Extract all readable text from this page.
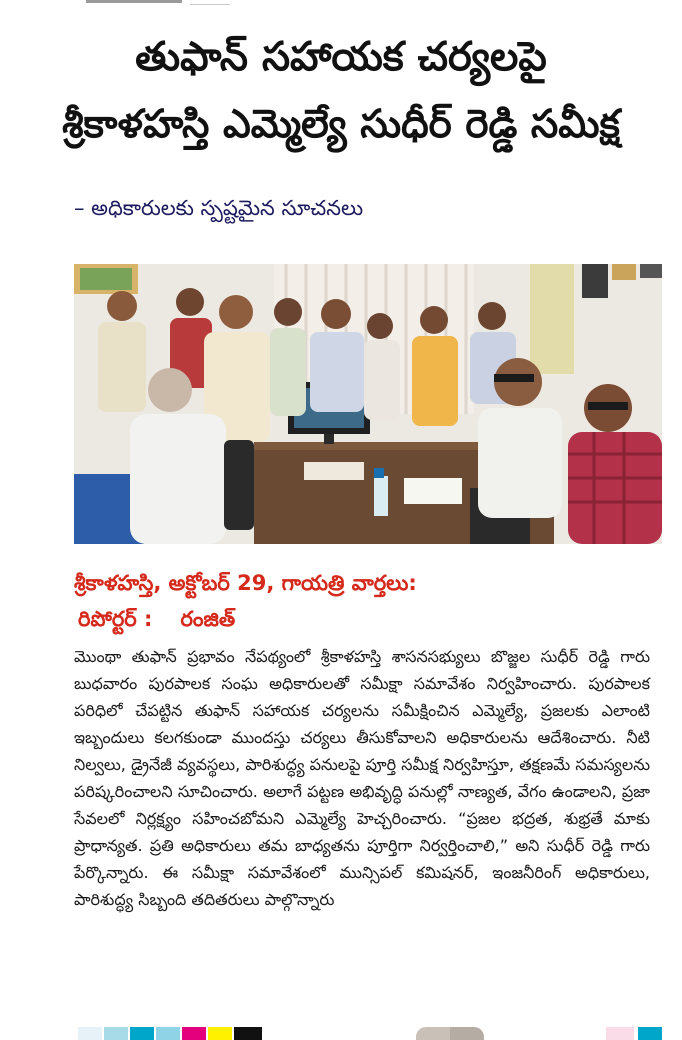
తుఫాన్ సహాయక చర్యలపై
శ్రీకాళహస్తి ఎమ్మెల్యే సుధీర్ రెడ్డి సమీక్ష
– అధికారులకు స్పష్టమైన సూచనలు
శ్రీకాళహస్తి, అక్టోబర్ 29, గాయత్రి వార్తలు:
రిపోర్టర్ : రంజిత్

మొంథా తుఫాన్ ప్రభావం నేపథ్యంలో శ్రీకాళహస్తి శాసనసభ్యులు బొజ్జల సుధీర్ రెడ్డి గారు బుధవారం పురపాలక సంఘ అధికారులతో సమీక్షా సమావేశం నిర్వహించారు. పురపాలక పరిధిలో చేపట్టిన తుఫాన్ సహాయక చర్యలను సమీక్షించిన ఎమ్మెల్యే, ప్రజలకు ఎలాంటి ఇబ్బందులు కలగకుండా ముందస్తు చర్యలు తీసుకోవాలని అధికారులను ఆదేశించారు. నీటి నిల్వలు, డ్రైనేజీ వ్యవస్థలు, పారిశుద్ధ్య పనులపై పూర్తి సమీక్ష నిర్వహిస్తూ, తక్షణమే సమస్యలను పరిష్కరించాలని సూచించారు. అలాగే పట్టణ అభివృద్ధి పనుల్లో నాణ్యత, వేగం ఉండాలని, ప్రజా సేవలలో నిర్లక్ష్యం సహించబోమని ఎమ్మెల్యే హెచ్చరించారు. “ప్రజల భద్రత, శుభ్రతే మాకు ప్రాధాన్యత. ప్రతి అధికారులు తమ బాధ్యతను పూర్తిగా నిర్వర్తించాలి,” అని సుధీర్ రెడ్డి గారు పేర్కొన్నారు. ఈ సమీక్షా సమావేశంలో మున్సిపల్ కమిషనర్, ఇంజనీరింగ్ అధికారులు, పారిశుద్ధ్య సిబ్బంది తదితరులు పాల్గొన్నారు
